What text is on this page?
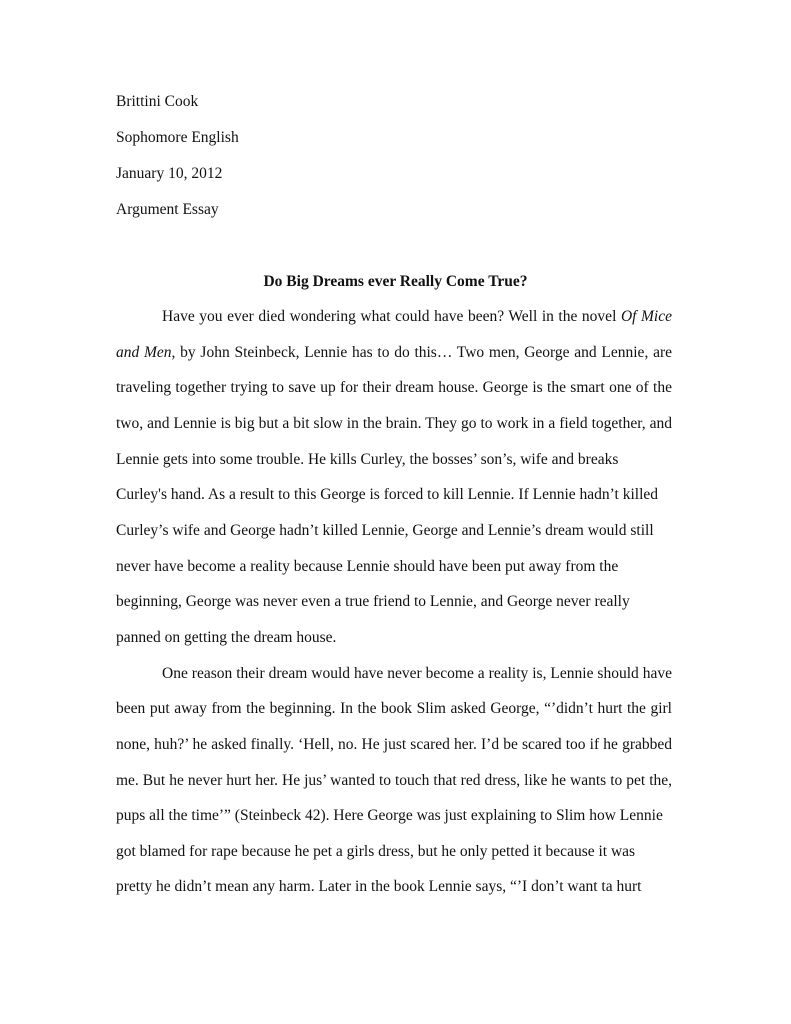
Brittini Cook
Sophomore English
January 10, 2012
Argument Essay
Do Big Dreams ever Really Come True?
Have you ever died wondering what could have been? Well in the novel Of Mice
and Men, by John Steinbeck, Lennie has to do this… Two men, George and Lennie, are
traveling together trying to save up for their dream house. George is the smart one of the
two, and Lennie is big but a bit slow in the brain. They go to work in a field together, and
Lennie gets into some trouble. He kills Curley, the bosses’ son’s, wife and breaks
Curley's hand. As a result to this George is forced to kill Lennie. If Lennie hadn’t killed
Curley’s wife and George hadn’t killed Lennie, George and Lennie’s dream would still
never have become a reality because Lennie should have been put away from the
beginning, George was never even a true friend to Lennie, and George never really
panned on getting the dream house.
One reason their dream would have never become a reality is, Lennie should have
been put away from the beginning. In the book Slim asked George, “’didn’t hurt the girl
none, huh?’ he asked finally. ‘Hell, no. He just scared her. I’d be scared too if he grabbed
me. But he never hurt her. He jus’ wanted to touch that red dress, like he wants to pet the,
pups all the time’” (Steinbeck 42). Here George was just explaining to Slim how Lennie
got blamed for rape because he pet a girls dress, but he only petted it because it was
pretty he didn’t mean any harm. Later in the book Lennie says, “’I don’t want ta hurt
